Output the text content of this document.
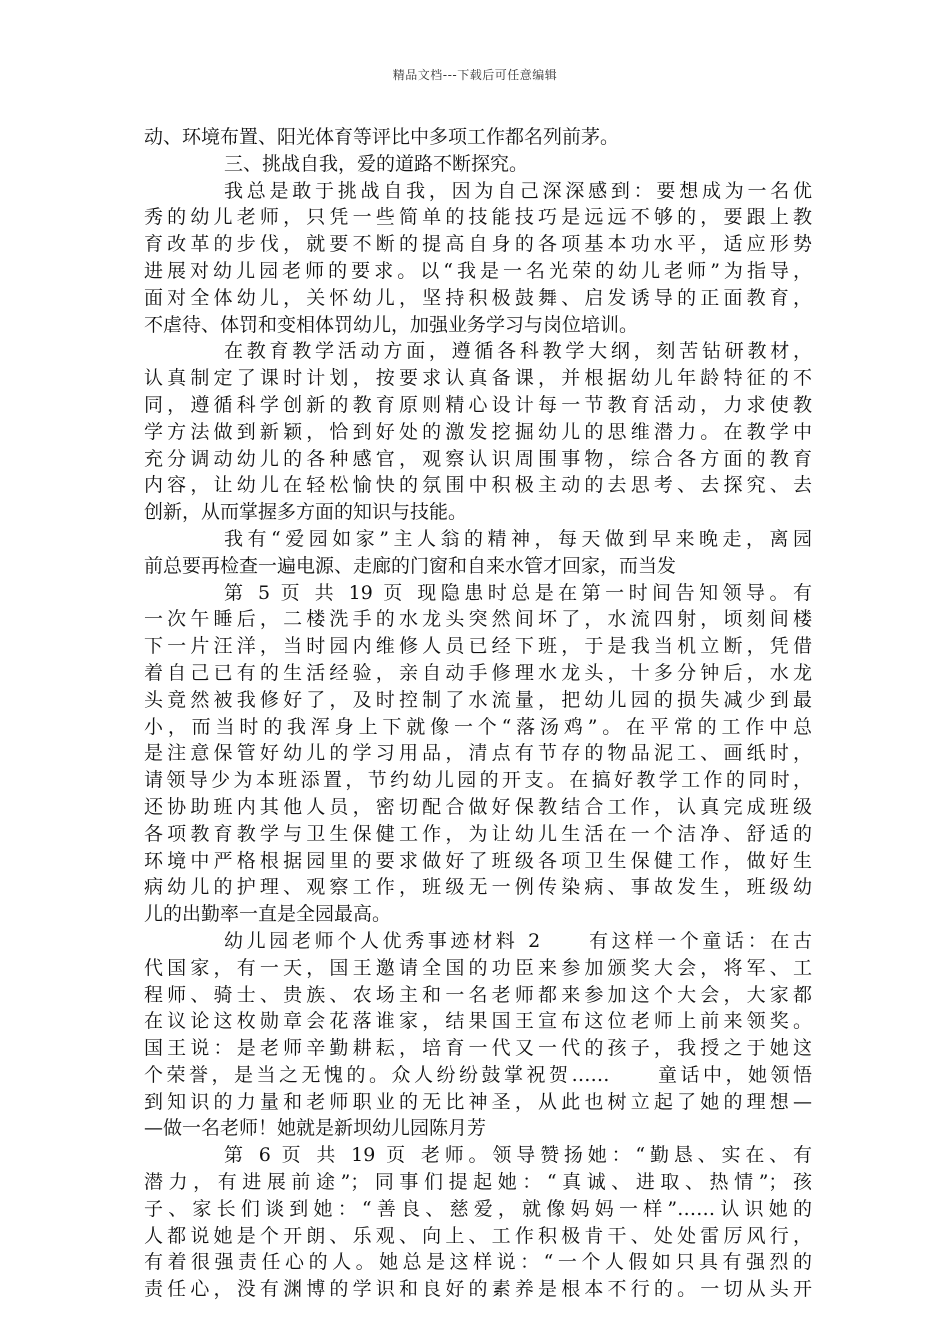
精品文档---下载后可任意编辑
动、环境布置、阳光体育等评比中多项工作都名列前茅。
三、挑战自我，爱的道路不断探究。
我总是敢于挑战自我，因为自己深深感到：要想成为一名优
秀的幼儿老师，只凭一些简单的技能技巧是远远不够的，要跟上教
育改革的步伐，就要不断的提高自身的各项基本功水平，适应形势
进展对幼儿园老师的要求。以“我是一名光荣的幼儿老师”为指导，
面对全体幼儿，关怀幼儿，坚持积极鼓舞、启发诱导的正面教育，
不虐待、体罚和变相体罚幼儿，加强业务学习与岗位培训。
在教育教学活动方面，遵循各科教学大纲，刻苦钻研教材，
认真制定了课时计划，按要求认真备课，并根据幼儿年龄特征的不
同，遵循科学创新的教育原则精心设计每一节教育活动，力求使教
学方法做到新颖，恰到好处的激发挖掘幼儿的思维潜力。在教学中
充分调动幼儿的各种感官，观察认识周围事物，综合各方面的教育
内容，让幼儿在轻松愉快的氛围中积极主动的去思考、去探究、去
创新，从而掌握多方面的知识与技能。
我有“爱园如家”主人翁的精神，每天做到早来晚走，离园
前总要再检查一遍电源、走廊的门窗和自来水管才回家，而当发
第 5 页 共 19 页 现隐患时总是在第一时间告知领导。有
一次午睡后，二楼洗手的水龙头突然间坏了，水流四射，顷刻间楼
下一片汪洋，当时园内维修人员已经下班，于是我当机立断，凭借
着自己已有的生活经验，亲自动手修理水龙头，十多分钟后，水龙
头竟然被我修好了，及时控制了水流量，把幼儿园的损失减少到最
小，而当时的我浑身上下就像一个“落汤鸡”。在平常的工作中总
是注意保管好幼儿的学习用品，清点有节存的物品泥工、画纸时，
请领导少为本班添置，节约幼儿园的开支。在搞好教学工作的同时，
还协助班内其他人员，密切配合做好保教结合工作，认真完成班级
各项教育教学与卫生保健工作，为让幼儿生活在一个洁净、舒适的
环境中严格根据园里的要求做好了班级各项卫生保健工作，做好生
病幼儿的护理、观察工作，班级无一例传染病、事故发生，班级幼
儿的出勤率一直是全园最高。
幼儿园老师个人优秀事迹材料 2　　有这样一个童话：在古
代国家，有一天，国王邀请全国的功臣来参加颁奖大会，将军、工
程师、骑士、贵族、农场主和一名老师都来参加这个大会，大家都
在议论这枚勋章会花落谁家，结果国王宣布这位老师上前来领奖。
国王说：是老师辛勤耕耘，培育一代又一代的孩子，我授之于她这
个荣誉，是当之无愧的。众人纷纷鼓掌祝贺……　　童话中，她领悟
到知识的力量和老师职业的无比神圣，从此也树立起了她的理想—
—做一名老师！她就是新坝幼儿园陈月芳
第 6 页 共 19 页 老师。领导赞扬她：“勤恳、实在、有
潜力，有进展前途”；同事们提起她：“真诚、进取、热情”；孩
子、家长们谈到她：“善良、慈爱，就像妈妈一样”……认识她的
人都说她是个开朗、乐观、向上、工作积极肯干、处处雷厉风行，
有着很强责任心的人。她总是这样说：“一个人假如只具有强烈的
责任心，没有渊博的学识和良好的素养是根本不行的。一切从头开
